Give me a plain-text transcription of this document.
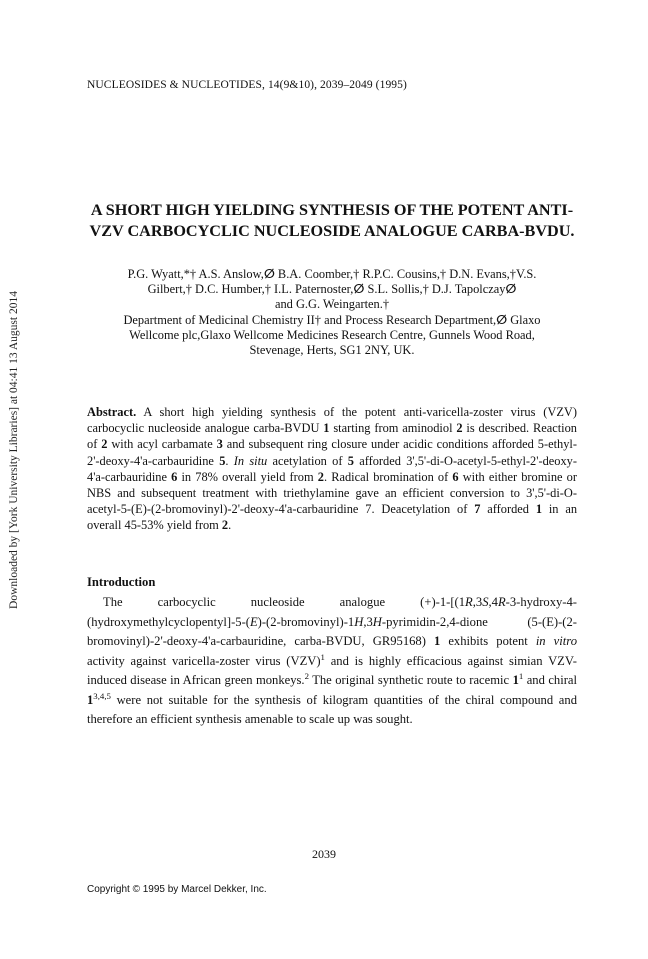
Downloaded by [York University Libraries] at 04:41 13 August 2014
NUCLEOSIDES & NUCLEOTIDES, 14(9&10), 2039–2049 (1995)
A SHORT HIGH YIELDING SYNTHESIS OF THE POTENT ANTI-
VZV CARBOCYCLIC NUCLEOSIDE ANALOGUE CARBA-BVDU.
P.G. Wyatt,*† A.S. Anslow,ⵁ B.A. Coomber,† R.P.C. Cousins,† D.N. Evans,†V.S.
Gilbert,† D.C. Humber,† I.L. Paternoster,ⵁ S.L. Sollis,† D.J. Tapolczayⵁ
and G.G. Weingarten.†
Department of Medicinal Chemistry II† and Process Research Department,ⵁ Glaxo
Wellcome plc,Glaxo Wellcome Medicines Research Centre, Gunnels Wood Road,
Stevenage, Herts, SG1 2NY, UK.
Abstract. A short high yielding synthesis of the potent anti-varicella-zoster virus (VZV) carbocyclic nucleoside analogue carba-BVDU 1 starting from aminodiol 2 is described. Reaction of 2 with acyl carbamate 3 and subsequent ring closure under acidic conditions afforded 5-ethyl-2'-deoxy-4'a-carbauridine 5. In situ acetylation of 5 afforded 3',5'-di-O-acetyl-5-ethyl-2'-deoxy-4'a-carbauridine 6 in 78% overall yield from 2. Radical bromination of 6 with either bromine or NBS and subsequent treatment with triethylamine gave an efficient conversion to 3',5'-di-O-acetyl-5-(E)-(2-bromovinyl)-2'-deoxy-4'a-carbauridine 7. Deacetylation of 7 afforded 1 in an overall 45-53% yield from 2.
Introduction
The carbocyclic nucleoside analogue (+)-1-[(1R,3S,4R-3-hydroxy-4-(hydroxymethylcyclopentyl]-5-(E)-(2-bromovinyl)-1H,3H-pyrimidin-2,4-dione (5-(E)-(2-bromovinyl)-2'-deoxy-4'a-carbauridine, carba-BVDU, GR95168) 1 exhibits potent in vitro activity against varicella-zoster virus (VZV)$^1$ and is highly efficacious against simian VZV-induced disease in African green monkeys.$^2$ The original synthetic route to racemic $1^1$ and chiral 1$^{3,4,5}$ were not suitable for the synthesis of kilogram quantities of the chiral compound and therefore an efficient synthesis amenable to scale up was sought.
2039
Copyright © 1995 by Marcel Dekker, Inc.
